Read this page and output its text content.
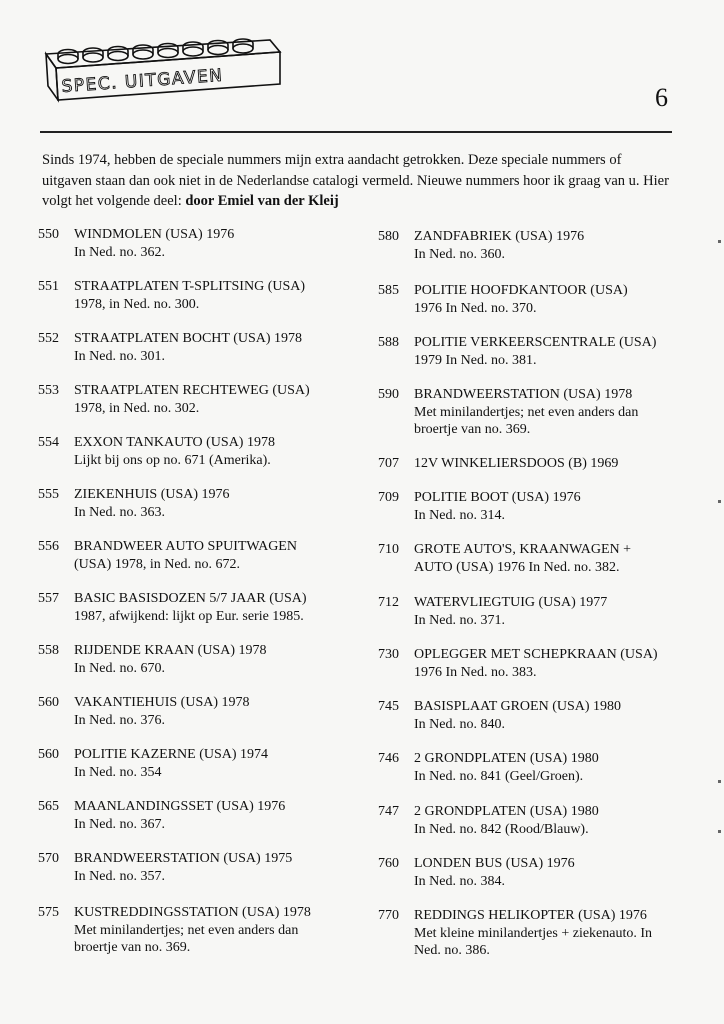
SPEC. UITGAVEN
6
Sinds 1974, hebben de speciale nummers mijn extra aandacht getrokken. Deze speciale nummers of uitgaven staan dan ook niet in de Nederlandse catalogi vermeld. Nieuwe nummers hoor ik graag van u. Hier volgt het volgende deel: door Emiel van der Kleij
550	WINDMOLEN (USA) 1976
In Ned. no. 362.
551	STRAATPLATEN T-SPLITSING (USA)
1978, in Ned. no. 300.
552	STRAATPLATEN BOCHT (USA) 1978
In Ned. no. 301.
553	STRAATPLATEN RECHTEWEG (USA)
1978, in Ned. no. 302.
554	EXXON TANKAUTO (USA) 1978
Lijkt bij ons op no. 671 (Amerika).
555	ZIEKENHUIS (USA) 1976
In Ned. no. 363.
556	BRANDWEER AUTO SPUITWAGEN
(USA) 1978, in Ned. no. 672.
557	BASIC BASISDOZEN 5/7 JAAR (USA)
1987, afwijkend: lijkt op Eur. serie 1985.
558	RIJDENDE KRAAN (USA) 1978
In Ned. no. 670.
560	VAKANTIEHUIS (USA) 1978
In Ned. no. 376.
560	POLITIE KAZERNE (USA) 1974
In Ned. no. 354
565	MAANLANDINGSSET (USA) 1976
In Ned. no. 367.
570	BRANDWEERSTATION (USA) 1975
In Ned. no. 357.
575	KUSTREDDINGSSTATION (USA) 1978
Met minilandertjes; net even anders dan
broertje van no. 369.
580	ZANDFABRIEK (USA) 1976
In Ned. no. 360.
585	POLITIE HOOFDKANTOOR (USA)
1976 In Ned. no. 370.
588	POLITIE VERKEERSCENTRALE (USA)
1979 In Ned. no. 381.
590	BRANDWEERSTATION (USA) 1978
Met minilandertjes; net even anders dan
broertje van no. 369.
707	12V WINKELIERSDOOS (B) 1969
709	POLITIE BOOT (USA) 1976
In Ned. no. 314.
710	GROTE AUTO'S, KRAANWAGEN +
AUTO (USA) 1976 In Ned. no. 382.
712	WATERVLIEGTUIG (USA) 1977
In Ned. no. 371.
730	OPLEGGER MET SCHEPKRAAN (USA)
1976 In Ned. no. 383.
745	BASISPLAAT GROEN (USA) 1980
In Ned. no. 840.
746	2 GRONDPLATEN (USA) 1980
In Ned. no. 841 (Geel/Groen).
747	2 GRONDPLATEN (USA) 1980
In Ned. no. 842 (Rood/Blauw).
760	LONDEN BUS (USA) 1976
In Ned. no. 384.
770	REDDINGS HELIKOPTER (USA) 1976
Met kleine minilandertjes + ziekenauto. In
Ned. no. 386.
